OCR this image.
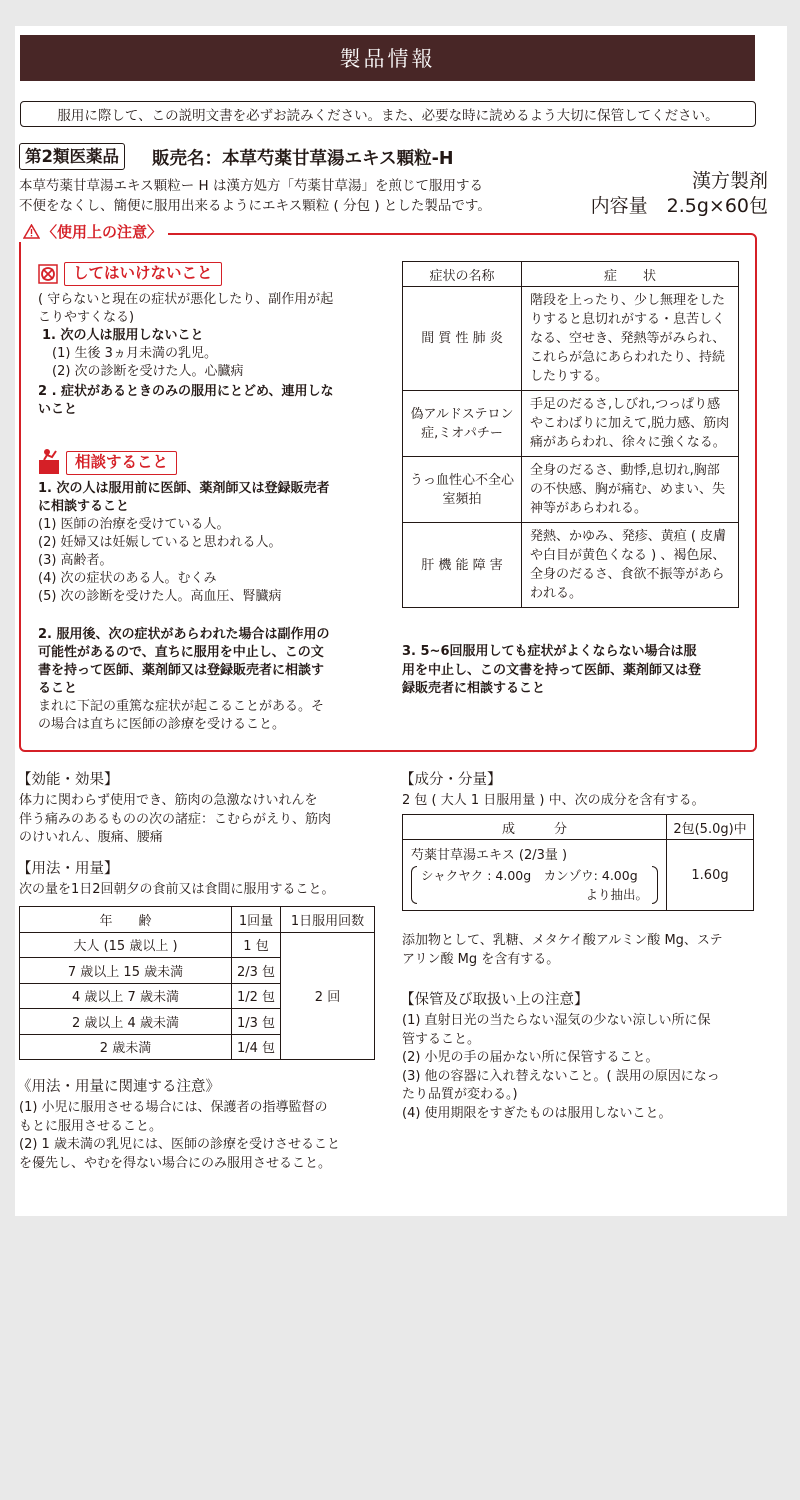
製品情報
服用に際して、この説明文書を必ずお読みください。また、必要な時に読めるよう大切に保管してください。
第2類医薬品	販売名：本草芍薬甘草湯エキス顆粒-H
本草芍薬甘草湯エキス顆粒ー H は漢方処方「芍薬甘草湯」を煎じて服用する
不便をなくし、簡便に服用出来るようにエキス顆粒 ( 分包 ) とした製品です。
漢方製剤
内容量　2.5g×60包
〈使用上の注意〉
してはいけないこと
( 守らないと現在の症状が悪化したり、副作用が起
こりやすくなる)
1. 次の人は服用しないこと
(1) 生後 3ヵ月未満の乳児。
(2) 次の診断を受けた人。心臓病
2 . 症状があるときのみの服用にとどめ、連用しな
いこと
相談すること
1. 次の人は服用前に医師、薬剤師又は登録販売者
に相談すること
(1) 医師の治療を受けている人。
(2) 妊婦又は妊娠していると思われる人。
(3) 高齢者。
(4) 次の症状のある人。むくみ
(5) 次の診断を受けた人。高血圧、腎臓病
2. 服用後、次の症状があらわれた場合は副作用の
可能性があるので、直ちに服用を中止し、この文
書を持って医師、薬剤師又は登録販売者に相談す
ること
まれに下記の重篤な症状が起こることがある。そ
の場合は直ちに医師の診療を受けること。
症状の名称	症　　状
間 質 性 肺 炎	階段を上ったり、少し無理をしたりすると息切れがする・息苦しくなる、空せき、発熱等がみられ、これらが急にあらわれたり、持続したりする。
偽アルドステロン症,ミオパチー	手足のだるさ,しびれ,つっぱり感やこわばりに加えて,脱力感、筋肉痛があらわれ、徐々に強くなる。
うっ血性心不全心室頻拍	全身のだるさ、動悸,息切れ,胸部の不快感、胸が痛む、めまい、失神等があらわれる。
肝 機 能 障 害	発熱、かゆみ、発疹、黄疸 ( 皮膚や白目が黄色くなる ) 、褐色尿、全身のだるさ、食欲不振等があらわれる。
3. 5~6回服用しても症状がよくならない場合は服
用を中止し、この文書を持って医師、薬剤師又は登
録販売者に相談すること
【効能・効果】
体力に関わらず使用でき、筋肉の急激なけいれんを
伴う痛みのあるものの次の諸症：こむらがえり、筋肉
のけいれん、腹痛、腰痛
【用法・用量】
次の量を1日2回朝夕の食前又は食間に服用すること。
年　　齢	1回量	1日服用回数
大人 (15 歳以上 )	1 包	2 回
7 歳以上 15 歳未満	2/3 包	
4 歳以上 7 歳未満	1/2 包	
2 歳以上 4 歳未満	1/3 包	
2 歳未満	1/4 包	
《用法・用量に関連する注意》
(1) 小児に服用させる場合には、保護者の指導監督の
もとに服用させること。
(2) 1 歳未満の乳児には、医師の診療を受けさせること
を優先し、やむを得ない場合にのみ服用させること。
【成分・分量】
2 包 ( 大人 1 日服用量 ) 中、次の成分を含有する。
成　　　分	2包(5.0g)中

芍薬甘草湯エキス (2/3量 )
シャクヤク : 4.00g　カンゾウ: 4.00g
より抽出。	1.60g
添加物として、乳糖、メタケイ酸アルミン酸 Mg、ステ
アリン酸 Mg を含有する。
【保管及び取扱い上の注意】
(1) 直射日光の当たらない湿気の少ない涼しい所に保
管すること。
(2) 小児の手の届かない所に保管すること。
(3) 他の容器に入れ替えないこと。( 誤用の原因になっ
たり品質が変わる。)
(4) 使用期限をすぎたものは服用しないこと。
